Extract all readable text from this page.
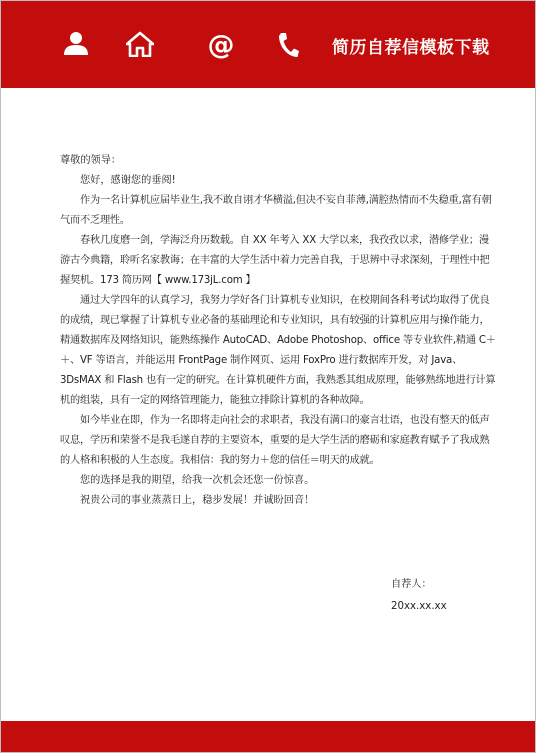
@	简历自荐信模板下载

尊敬的领导：

您好，感谢您的垂阅!

作为一名计算机应届毕业生,我不敢自诩才华横溢,但决不妄自菲薄,满腔热情而不失稳重,富有朝气而不乏理性。

春秋几度磨一剑，学海泛舟历数载。自 XX 年考入 XX 大学以来，我孜孜以求，潜修学业；漫游古今典籍，聆听名家教诲；在丰富的大学生活中着力完善自我，于思辨中寻求深刻，于理性中把握契机。173 简历网【 www.173jL.com 】

通过大学四年的认真学习，我努力学好各门计算机专业知识，在校期间各科考试均取得了优良的成绩，现已掌握了计算机专业必备的基础理论和专业知识，具有较强的计算机应用与操作能力，精通数据库及网络知识，能熟练操作 AutoCAD、Adobe Photoshop、office 等专业软件,精通 C＋＋、VF 等语言，并能运用 FrontPage 制作网页、运用 FoxPro 进行数据库开发，对 Java、3DsMAX 和 Flash 也有一定的研究。在计算机硬件方面，我熟悉其组成原理，能够熟练地进行计算机的组装，具有一定的网络管理能力，能独立排除计算机的各种故障。

如今毕业在即，作为一名即将走向社会的求职者，我没有满口的豪言壮语，也没有整天的低声叹息，学历和荣誉不是我毛遂自荐的主要资本，重要的是大学生活的磨砺和家庭教育赋予了我成熟的人格和积极的人生态度。我相信：我的努力＋您的信任＝明天的成就。

您的选择是我的期望，给我一次机会还您一份惊喜。

祝贵公司的事业蒸蒸日上，稳步发展！并诚盼回音！

自荐人：
20xx.xx.xx
